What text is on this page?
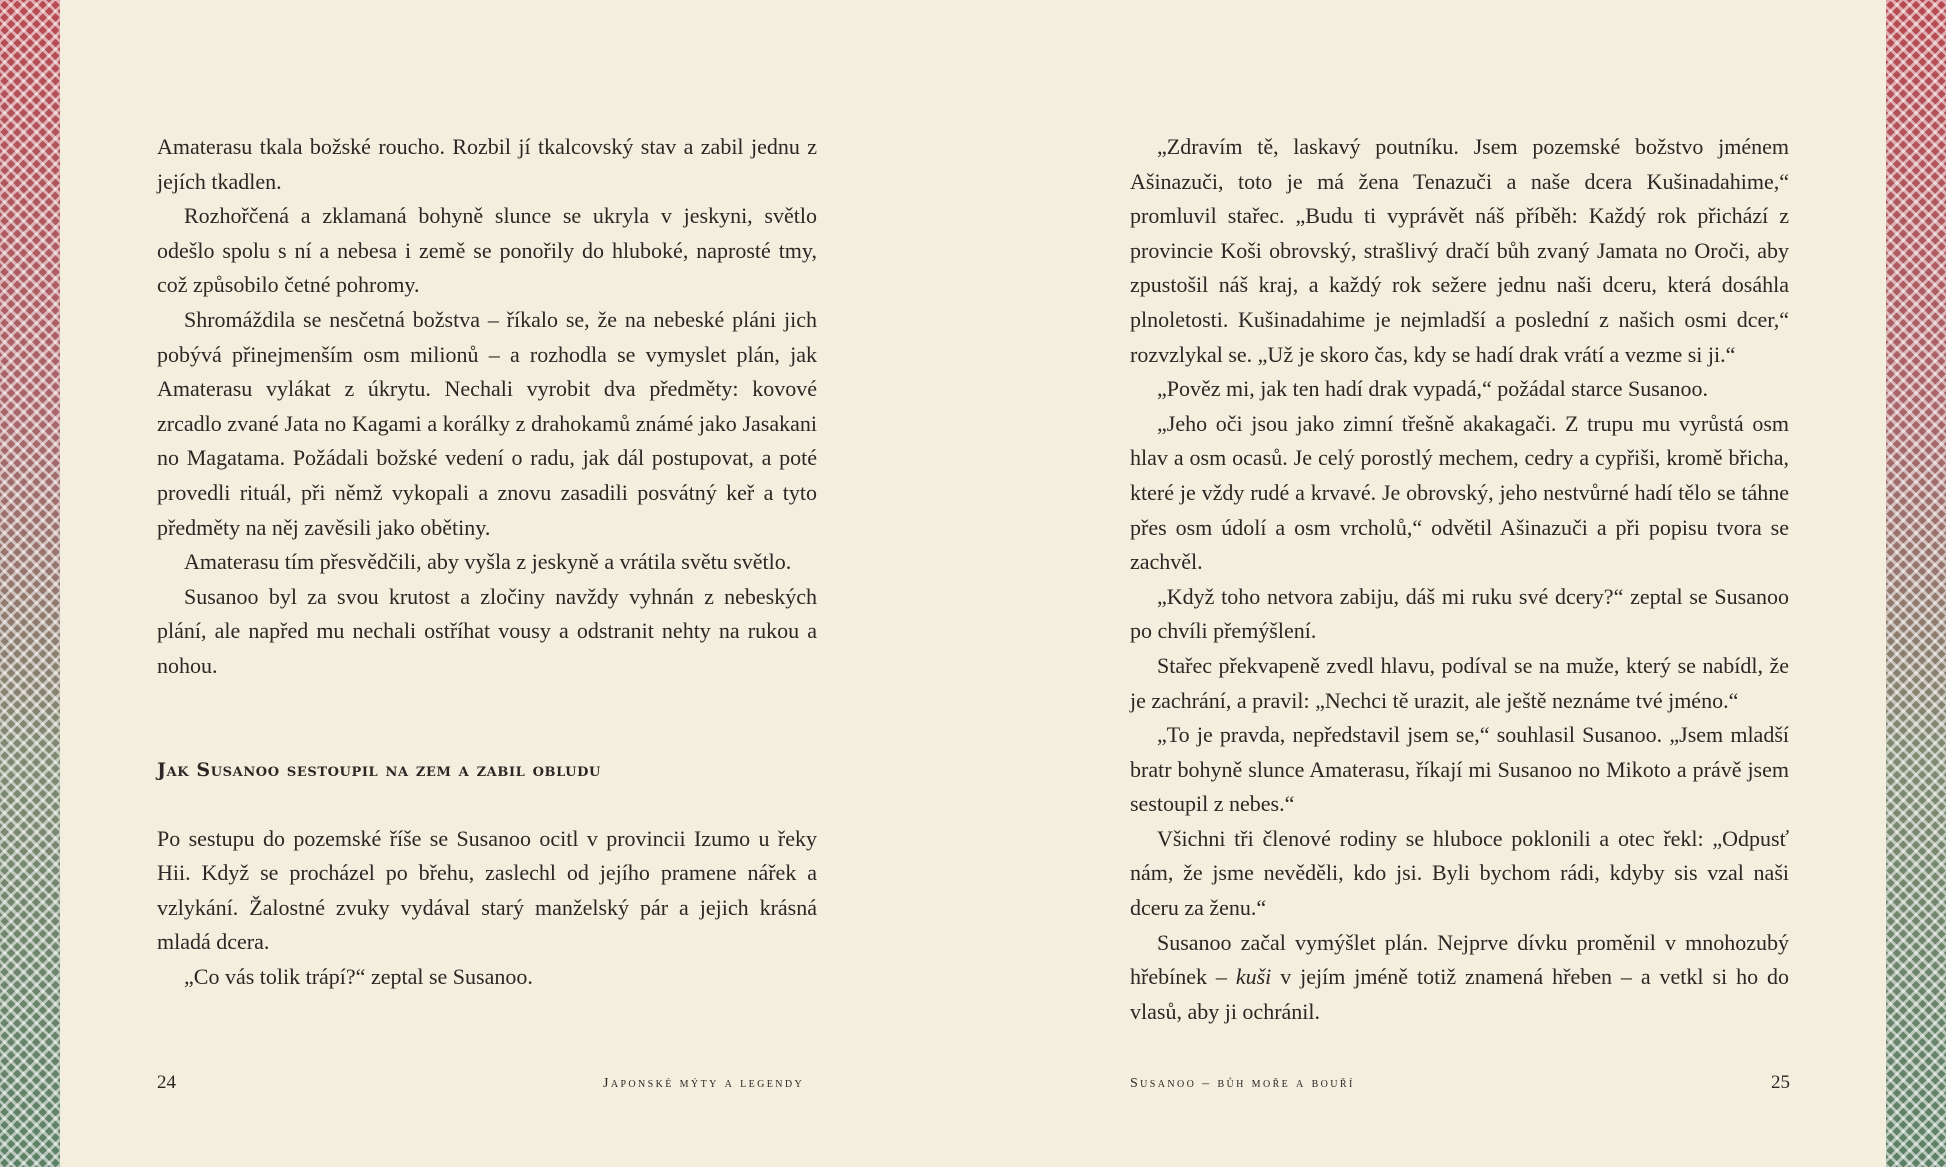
Amaterasu tkala božské roucho. Rozbil jí tkalcovský stav a zabil jednu z jejích tkadlen.

Rozhořčená a zklamaná bohyně slunce se ukryla v jeskyni, světlo odešlo spolu s ní a nebesa i země se ponořily do hluboké, naprosté tmy, což způsobilo četné pohromy.

Shromáždila se nesčetná božstva – říkalo se, že na nebeské pláni jich pobývá přinejmenším osm milionů – a rozhodla se vymyslet plán, jak Amaterasu vylákat z úkrytu. Nechali vyrobit dva předměty: kovové zrcadlo zvané Jata no Kagami a korálky z drahokamů známé jako Jasakani no Magatama. Požádali božské vedení o radu, jak dál postupovat, a poté provedli rituál, při němž vykopali a znovu zasadili posvátný keř a tyto předměty na něj zavěsili jako obětiny.

Amaterasu tím přesvědčili, aby vyšla z jeskyně a vrátila světu světlo.

Susanoo byl za svou krutost a zločiny navždy vyhnán z nebeských plání, ale napřed mu nechali ostříhat vousy a odstranit nehty na rukou a nohou.

Jak Susanoo sestoupil na zem a zabil obludu

Po sestupu do pozemské říše se Susanoo ocitl v provincii Izumo u řeky Hii. Když se procházel po břehu, zaslechl od jejího pramene nářek a vzlykání. Žalostné zvuky vydával starý manželský pár a jejich krásná mladá dcera.

„Co vás tolik trápí?“ zeptal se Susanoo.

„Zdravím tě, laskavý poutníku. Jsem pozemské božstvo jménem Ašinazuči, toto je má žena Tenazuči a naše dcera Kušinadahime,“ promluvil stařec. „Budu ti vyprávět náš příběh: Každý rok přichází z provincie Koši obrovský, strašlivý dračí bůh zvaný Jamata no Oroči, aby zpustošil náš kraj, a každý rok sežere jednu naši dceru, která dosáhla plnoletosti. Kušinadahime je nejmladší a poslední z našich osmi dcer,“ rozvzlykal se. „Už je skoro čas, kdy se hadí drak vrátí a vezme si ji.“

„Pověz mi, jak ten hadí drak vypadá,“ požádal starce Susanoo.

„Jeho oči jsou jako zimní třešně akakagači. Z trupu mu vyrůstá osm hlav a osm ocasů. Je celý porostlý mechem, cedry a cypřiši, kromě břicha, které je vždy rudé a krvavé. Je obrovský, jeho nestvůrné hadí tělo se táhne přes osm údolí a osm vrcholů,“ odvětil Ašinazuči a při popisu tvora se zachvěl.

„Když toho netvora zabiju, dáš mi ruku své dcery?“ zeptal se Susanoo po chvíli přemýšlení.

Stařec překvapeně zvedl hlavu, podíval se na muže, který se nabídl, že je zachrání, a pravil: „Nechci tě urazit, ale ještě neznáme tvé jméno.“

„To je pravda, nepředstavil jsem se,“ souhlasil Susanoo. „Jsem mladší bratr bohyně slunce Amaterasu, říkají mi Susanoo no Mikoto a právě jsem sestoupil z nebes.“

Všichni tři členové rodiny se hluboce poklonili a otec řekl: „Odpusť nám, že jsme nevěděli, kdo jsi. Byli bychom rádi, kdyby sis vzal naši dceru za ženu.“

Susanoo začal vymýšlet plán. Nejprve dívku proměnil v mnohozubý hřebínek – kuši v jejím jméně totiž znamená hřeben – a vetkl si ho do vlasů, aby ji ochránil.

24	Japonské mýty a legendy	Susanoo – bůh moře a bouří	25
